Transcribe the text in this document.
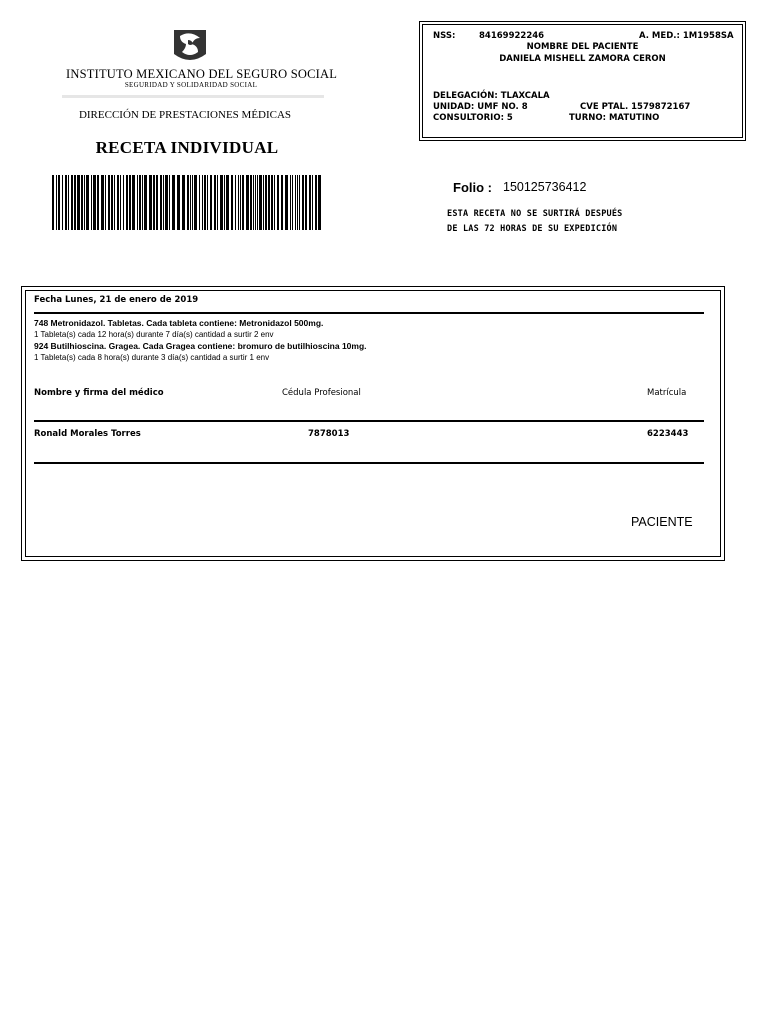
INSTITUTO MEXICANO DEL SEGURO SOCIAL
SEGURIDAD Y SOLIDARIDAD SOCIAL
DIRECCIÓN DE PRESTACIONES MÉDICAS
RECETA INDIVIDUAL
NSS:	84169922246	A. MED.: 1M1958SA
NOMBRE DEL PACIENTE
DANIELA MISHELL ZAMORA CERON
DELEGACIÓN: TLAXCALA
UNIDAD: UMF NO. 8	CVE PTAL. 1579872167
CONSULTORIO: 5	TURNO: MATUTINO
Folio : 150125736412
ESTA RECETA NO SE SURTIRÁ DESPUÉS
DE LAS 72 HORAS DE SU EXPEDICIÓN
Fecha Lunes, 21 de enero de 2019
748 Metronidazol. Tabletas. Cada tableta contiene: Metronidazol 500mg.
1 Tableta(s) cada 12 hora(s) durante 7 día(s) cantidad a surtir 2 env
924 Butilhioscina. Gragea. Cada Gragea contiene: bromuro de butilhioscina 10mg.
1 Tableta(s) cada 8 hora(s) durante 3 día(s) cantidad a surtir 1 env
Nombre y firma del médico	Cédula Profesional	Matrícula
Ronald Morales Torres	7878013	6223443
PACIENTE
